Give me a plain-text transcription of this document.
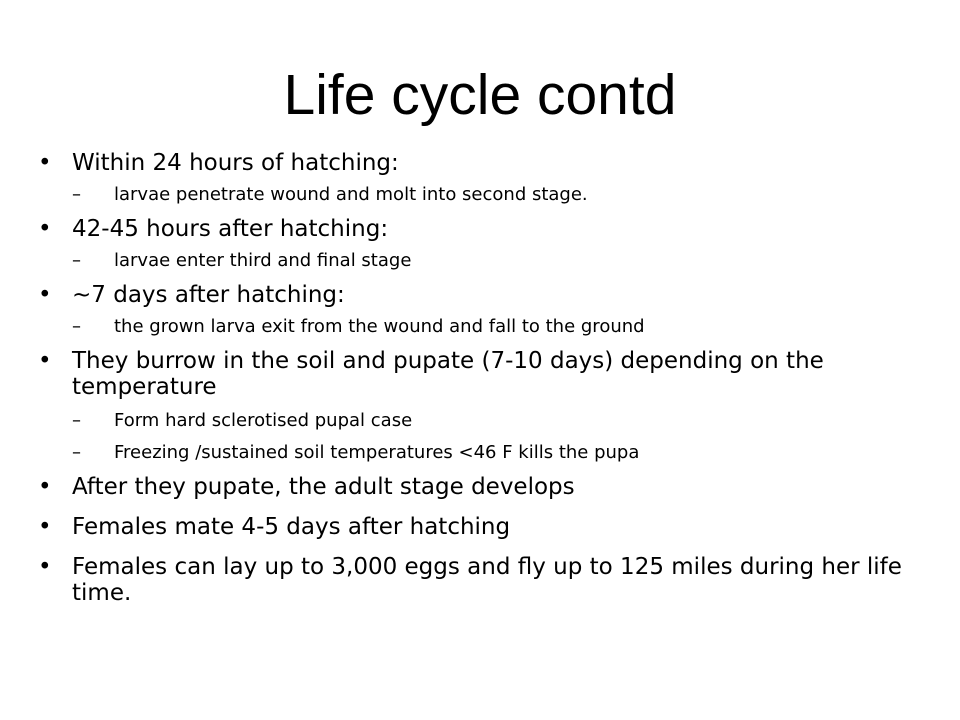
Life cycle contd
• Within 24 hours of hatching:
– larvae penetrate wound and molt into second stage.
• 42-45 hours after hatching:
– larvae enter third and final stage
• ~7 days after hatching:
– the grown larva exit from the wound and fall to the ground
• They burrow in the soil and pupate (7-10 days) depending on the temperature
– Form hard sclerotised pupal case
– Freezing /sustained soil temperatures <46 F kills the pupa
• After they pupate, the adult stage develops
• Females mate 4-5 days after hatching
• Females can lay up to 3,000 eggs and fly up to 125 miles during her life time.
